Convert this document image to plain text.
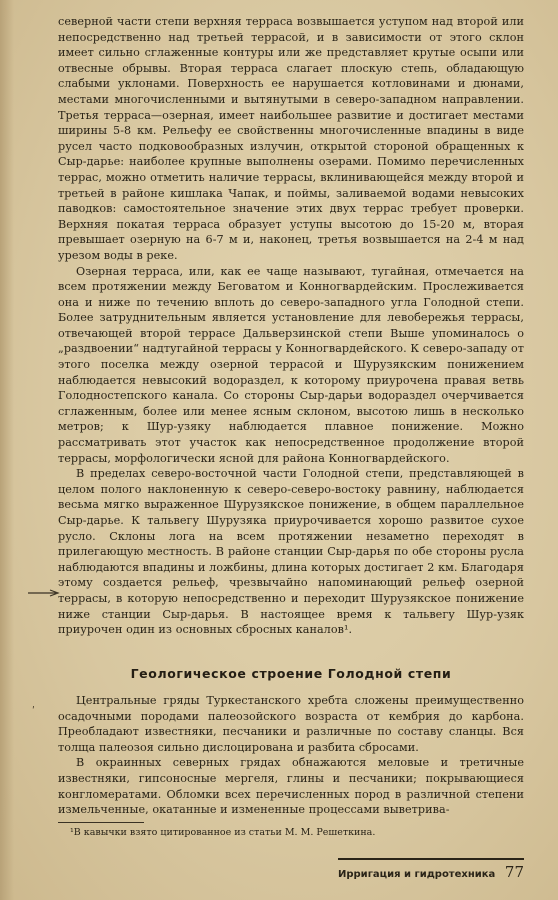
северной части степи верхняя терраса возвышается уступом над второй или непосредственно над третьей террасой, и в зависимости от этого склон имеет сильно сглаженные контуры или же представляет крутые осыпи или отвесные обрывы. Вторая терраса слагает плоскую степь, обладающую слабыми уклонами. Поверхность ее нарушается котловинами и дюнами, местами многочисленными и вытянутыми в северо-западном направлении. Третья терраса—озерная, имеет наибольшее развитие и достигает местами ширины 5-8 км. Рельефу ее свойственны многочисленные впадины в виде русел часто подковообразных излучин, открытой стороной обращенных к Сыр-дарье: наиболее крупные выполнены озерами. Помимо перечисленных террас, можно отметить наличие террасы, вклинивающейся между второй и третьей в районе кишлака Чапак, и поймы, заливаемой водами невысоких паводков: самостоятельное значение этих двух террас требует проверки. Верхняя покатая терраса образует уступы высотою до 15-20 м, вторая превышает озерную на 6-7 м и, наконец, третья возвышается на 2-4 м над урезом воды в реке.

Озерная терраса, или, как ее чаще называют, тугайная, отмечается на всем протяжении между Беговатом и Конногвардейским. Прослеживается она и ниже по течению вплоть до северо-западного угла Голодной степи. Более затруднительным является установление для левобережья террасы, отвечающей второй террасе Дальверзинской степи Выше упоминалось о „раздвоении“ надтугайной террасы у Конногвардейского. К северо-западу от этого поселка между озерной террасой и Шурузякским понижением наблюдается невысокий водораздел, к которому приурочена правая ветвь Голодностепского канала. Со стороны Сыр-дарьи водораздел очерчивается сглаженным, более или менее ясным склоном, высотою лишь в несколько метров; к Шур-узяку наблюдается плавное понижение. Можно рассматривать этот участок как непосредственное продолжение второй террасы, морфологически ясной для района Конногвардейского.

В пределах северо-восточной части Голодной степи, представляющей в целом полого наклоненную к северо-северо-востоку равнину, наблюдается весьма мягко выраженное Шурузякское понижение, в общем параллельное Сыр-дарье. К тальвегу Шурузяка приурочивается хорошо развитое сухое русло. Склоны лога на всем протяжении незаметно переходят в прилегающую местность. В районе станции Сыр-дарья по обе стороны русла наблюдаются впадины и ложбины, длина которых достигает 2 км. Благодаря этому создается рельеф, чрезвычайно напоминающий рельеф озерной террасы, в которую непосредственно и переходит Шурузякское понижение ниже станции Сыр-дарья. В настоящее время к тальвегу Шур-узяк приурочен один из основных сбросных каналов¹.

Геологическое строение Голодной степи
ʹ

Центральные гряды Туркестанского хребта сложены преимущественно осадочными породами палеозойского возраста от кембрия до карбона. Преобладают известняки, песчаники и различные по составу сланцы. Вся толща палеозоя сильно дислоцирована и разбита сбросами.

В окраинных северных грядах обнажаются меловые и третичные известняки, гипсоносные мергеля, глины и песчаники; покрывающиеся конгломератами. Обломки всех перечисленных пород в различной степени измельченные, окатанные и измененные процессами выветрива-

¹В кавычки взято цитированное из статьи М. М. Решеткина.
Ирригация и гидротехника 77
